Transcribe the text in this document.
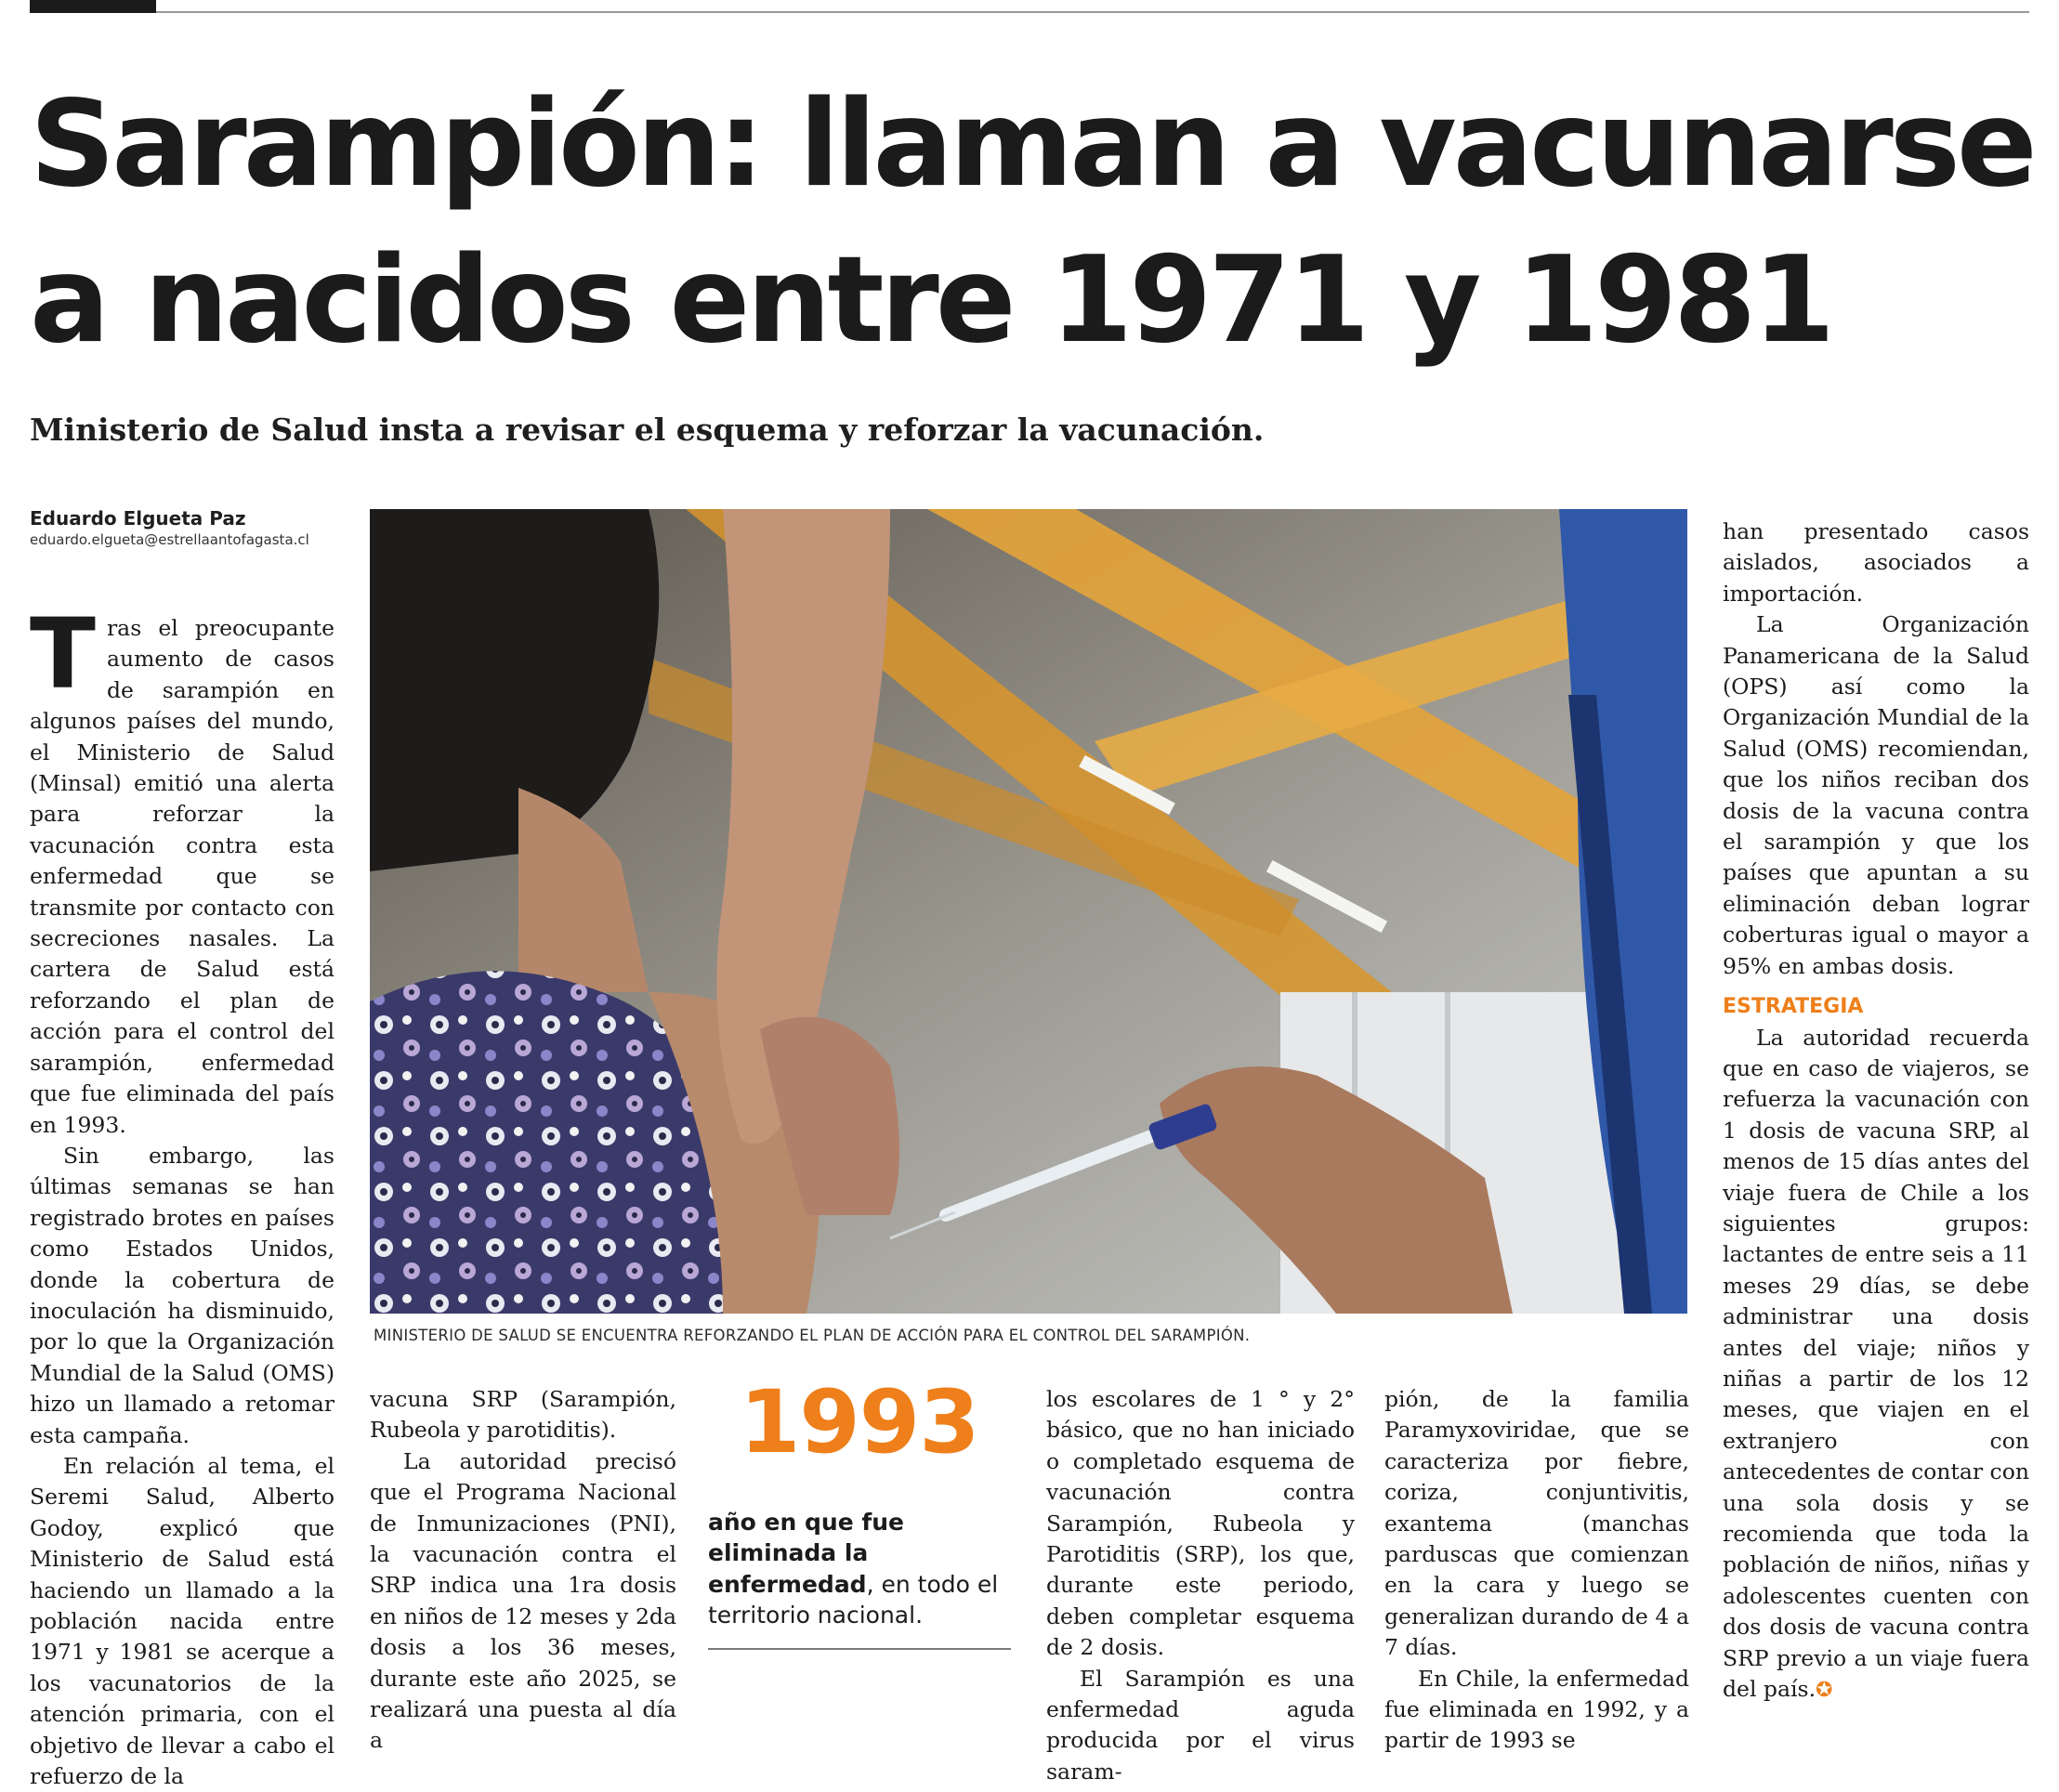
Sarampión: llaman a vacunarse
a nacidos entre 1971 y 1981

Ministerio de Salud insta a revisar el esquema y reforzar la vacunación.

Eduardo Elgueta Paz
eduardo.elgueta@estrellaantofagasta.cl

Tras el preocupante aumento de casos de sarampión en algunos países del mundo, el Ministerio de Salud (Minsal) emitió una alerta para reforzar la vacunación contra esta enfermedad que se transmite por contacto con secreciones nasales. La cartera de Salud está reforzando el plan de acción para el control del sarampión, enfermedad que fue eliminada del país en 1993.

Sin embargo, las últimas semanas se han registrado brotes en países como Estados Unidos, donde la cobertura de inoculación ha disminuido, por lo que la Organización Mundial de la Salud (OMS) hizo un llamado a retomar esta campaña.

En relación al tema, el Seremi Salud, Alberto Godoy, explicó que Ministerio de Salud está haciendo un llamado a la población nacida entre 1971 y 1981 se acerque a los vacunatorios de la atención primaria, con el objetivo de llevar a cabo el refuerzo de la

MINISTERIO DE SALUD SE ENCUENTRA REFORZANDO EL PLAN DE ACCIÓN PARA EL CONTROL DEL SARAMPIÓN.

vacuna SRP (Sarampión, Rubeola y parotiditis).

La autoridad precisó que el Programa Nacional de Inmunizaciones (PNI), la vacunación contra el SRP indica una 1ra dosis en niños de 12 meses y 2da dosis a los 36 meses, durante este año 2025, se realizará una puesta al día a

1993
año en que fue eliminada la enfermedad, en todo el territorio nacional.

los escolares de 1 ° y 2° básico, que no han iniciado o completado esquema de vacunación contra Sarampión, Rubeola y Parotiditis (SRP), los que, durante este periodo, deben completar esquema de 2 dosis.

El Sarampión es una enfermedad aguda producida por el virus saram-

pión, de la familia Paramyxoviridae, que se caracteriza por fiebre, coriza, conjuntivitis, exantema (manchas parduscas que comienzan en la cara y luego se generalizan durando de 4 a 7 días.

En Chile, la enfermedad fue eliminada en 1992, y a partir de 1993 se

han presentado casos aislados, asociados a importación.

La Organización Panamericana de la Salud (OPS) así como la Organización Mundial de la Salud (OMS) recomiendan, que los niños reciban dos dosis de la vacuna contra el sarampión y que los países que apuntan a su eliminación deban lograr coberturas igual o mayor a 95% en ambas dosis.

ESTRATEGIA

La autoridad recuerda que en caso de viajeros, se refuerza la vacunación con 1 dosis de vacuna SRP, al menos de 15 días antes del viaje fuera de Chile a los siguientes grupos: lactantes de entre seis a 11 meses 29 días, se debe administrar una dosis antes del viaje; niños y niñas a partir de los 12 meses, que viajen en el extranjero con antecedentes de contar con una sola dosis y se recomienda que toda la población de niños, niñas y adolescentes cuenten con dos dosis de vacuna contra SRP previo a un viaje fuera del país.✪
